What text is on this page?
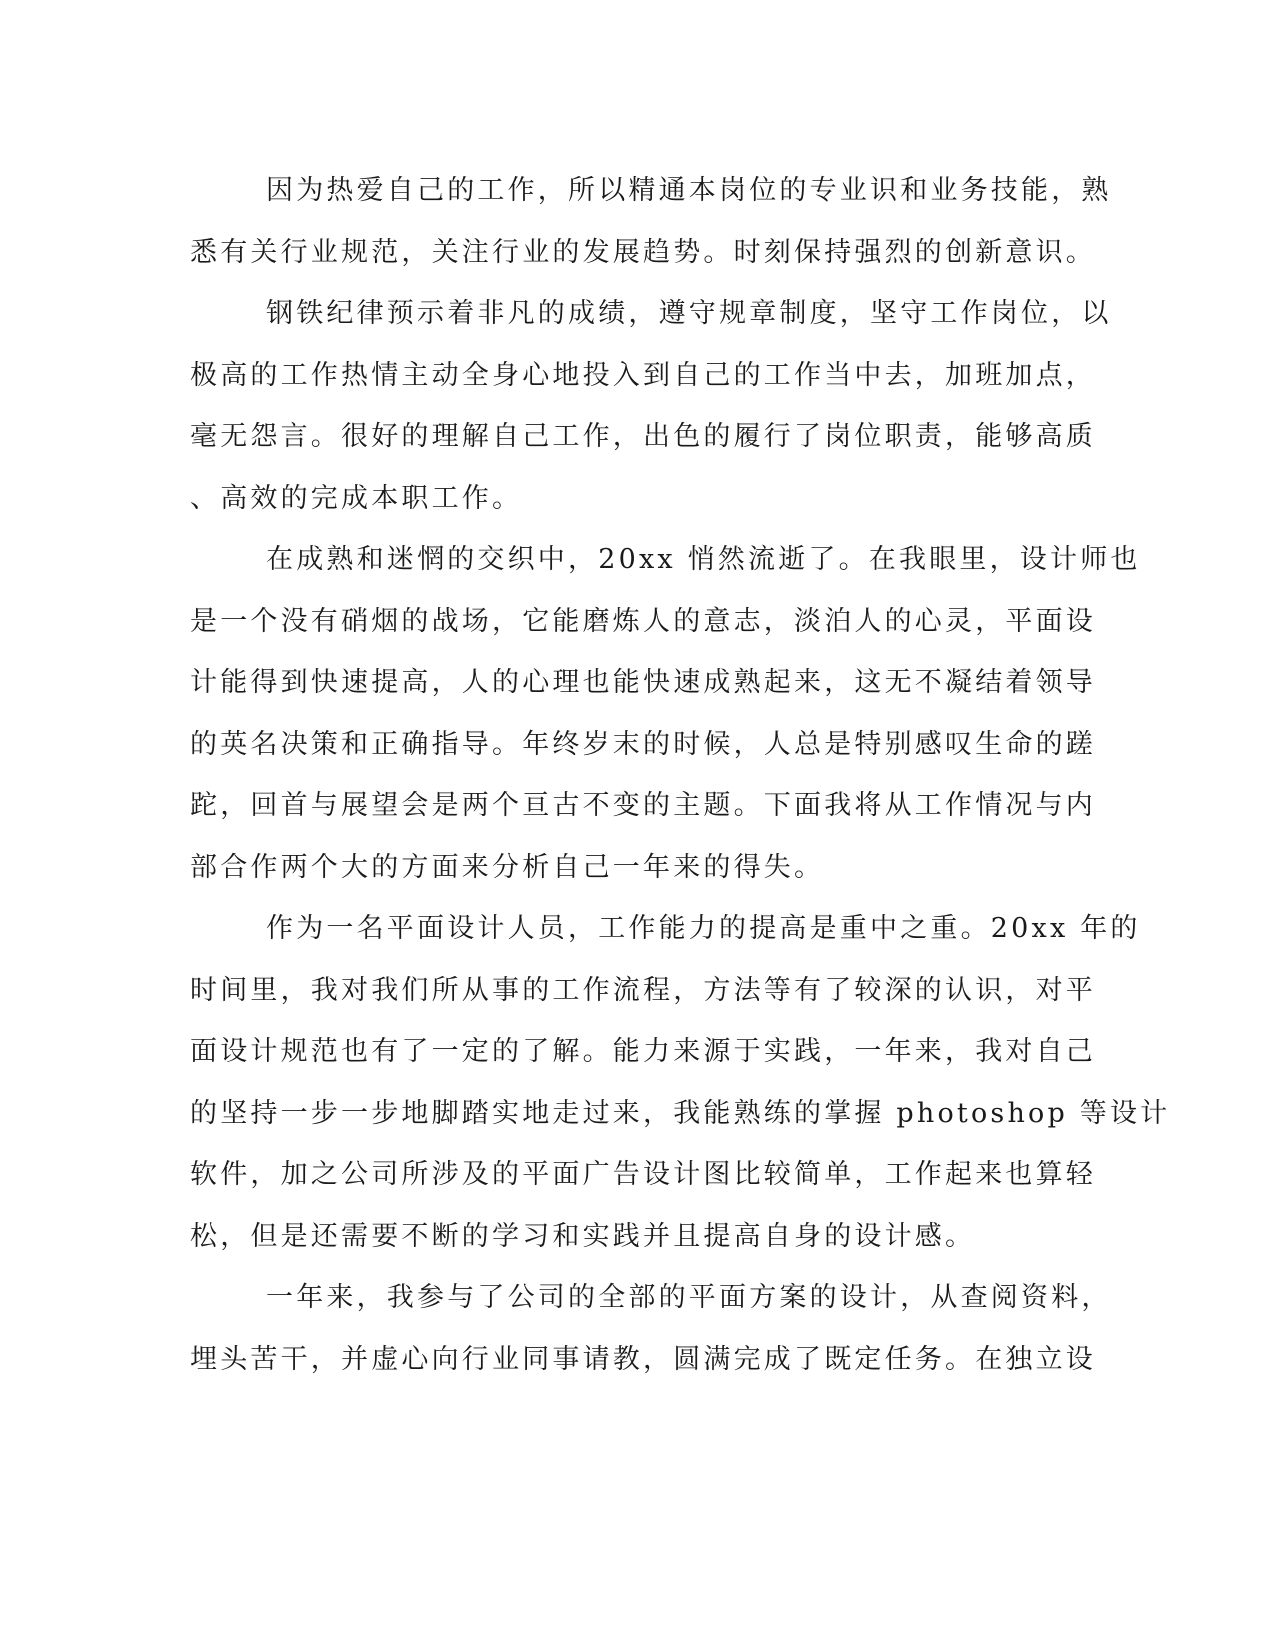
因为热爱自己的工作，所以精通本岗位的专业识和业务技能，熟
悉有关行业规范，关注行业的发展趋势。时刻保持强烈的创新意识。
钢铁纪律预示着非凡的成绩，遵守规章制度，坚守工作岗位，以
极高的工作热情主动全身心地投入到自己的工作当中去，加班加点，
毫无怨言。很好的理解自己工作，出色的履行了岗位职责，能够高质
、高效的完成本职工作。
在成熟和迷惘的交织中，20xx 悄然流逝了。在我眼里，设计师也
是一个没有硝烟的战场，它能磨炼人的意志，淡泊人的心灵，平面设
计能得到快速提高，人的心理也能快速成熟起来，这无不凝结着领导
的英名决策和正确指导。年终岁末的时候，人总是特别感叹生命的蹉
跎，回首与展望会是两个亘古不变的主题。下面我将从工作情况与内
部合作两个大的方面来分析自己一年来的得失。
作为一名平面设计人员，工作能力的提高是重中之重。20xx 年的
时间里，我对我们所从事的工作流程，方法等有了较深的认识，对平
面设计规范也有了一定的了解。能力来源于实践，一年来，我对自己
的坚持一步一步地脚踏实地走过来，我能熟练的掌握 photoshop 等设计
软件，加之公司所涉及的平面广告设计图比较简单，工作起来也算轻
松，但是还需要不断的学习和实践并且提高自身的设计感。
一年来，我参与了公司的全部的平面方案的设计，从查阅资料，
埋头苦干，并虚心向行业同事请教，圆满完成了既定任务。在独立设
